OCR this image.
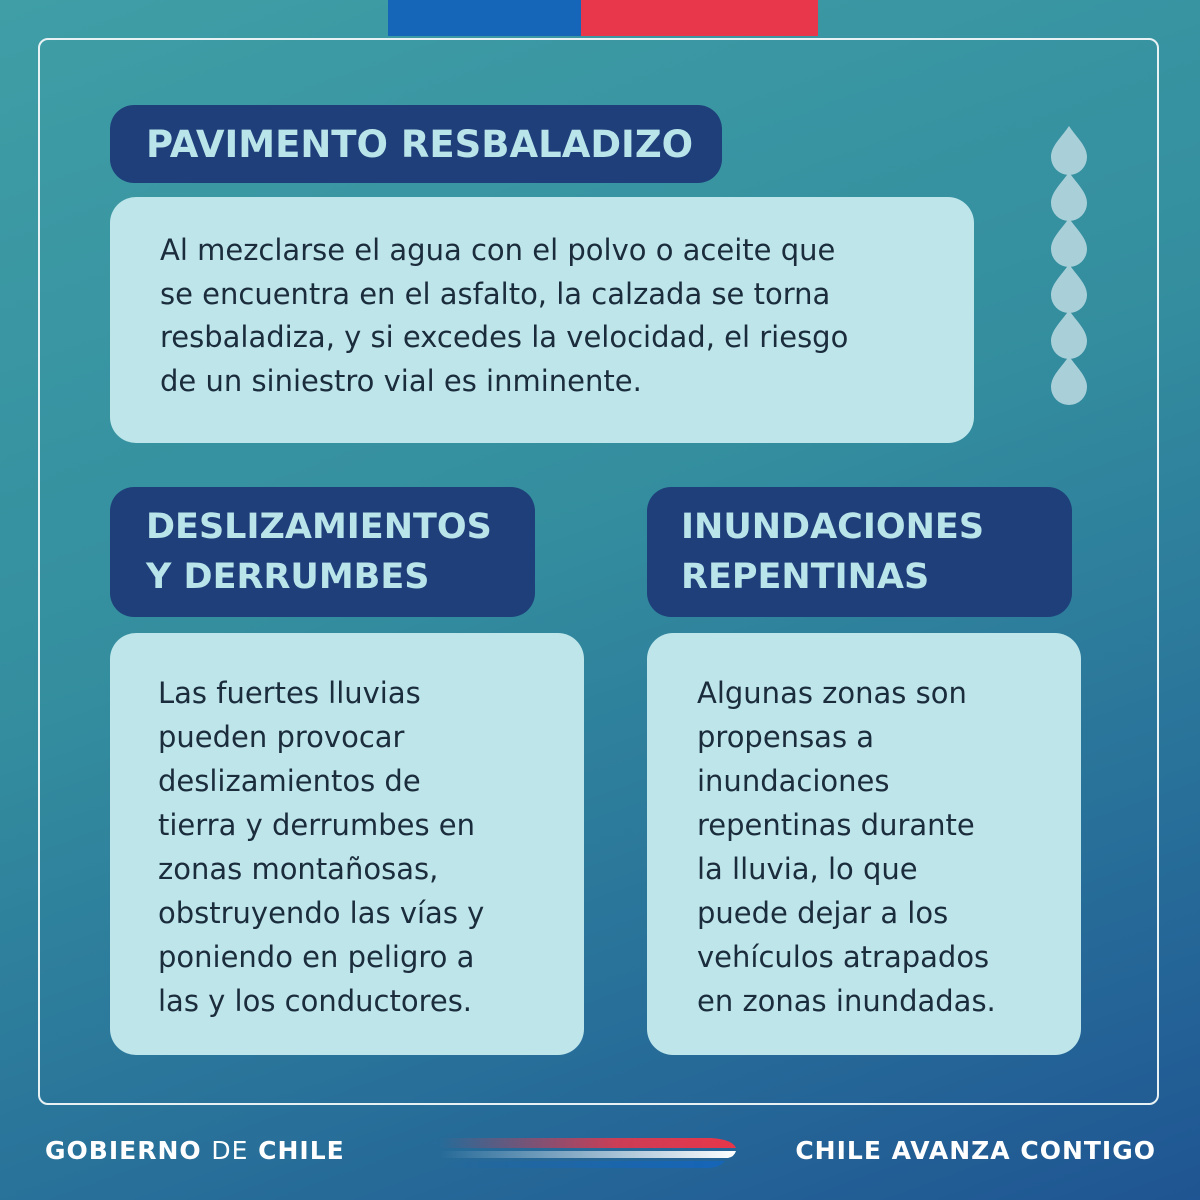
PAVIMENTO RESBALADIZO
Al mezclarse el agua con el polvo o aceite que
se encuentra en el asfalto, la calzada se torna
resbaladiza, y si excedes la velocidad, el riesgo
de un siniestro vial es inminente.
DESLIZAMIENTOS
Y DERRUMBES
Las fuertes lluvias
pueden provocar
deslizamientos de
tierra y derrumbes en
zonas montañosas,
obstruyendo las vías y
poniendo en peligro a
las y los conductores.
INUNDACIONES
REPENTINAS
Algunas zonas son
propensas a
inundaciones
repentinas durante
la lluvia, lo que
puede dejar a los
vehículos atrapados
en zonas inundadas.
GOBIERNO DE CHILE	CHILE AVANZA CONTIGO
